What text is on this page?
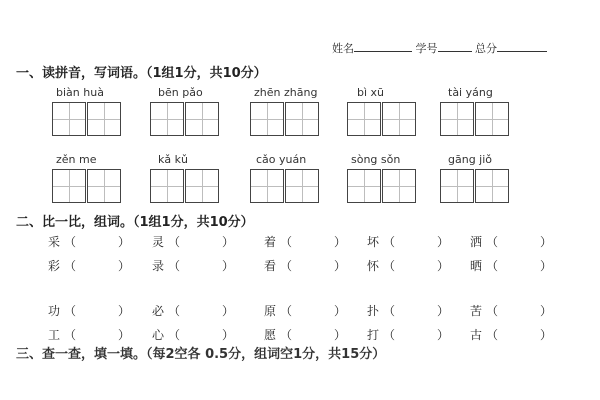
姓名	学号	总分
一、读拼音，写词语。（1组1分，共10分）
biàn huà	bēn pǎo	zhēn zhāng	bì xū	tài yáng
zěn me	kǎ kǔ	cǎo yuán	sòng sǒn	gāng jiǒ
二、比一比，组词。（1组1分，共10分）
采 （	） 灵 （	） 着 （	） 坏 （	） 洒 （	）
彩 （	） 录 （	） 看 （	） 怀 （	） 晒 （	）
功 （	） 必 （	） 原 （	） 扑 （	） 苦 （	）
工 （	） 心 （	） 愿 （	） 打 （	） 古 （	）
三、查一查，填一填。（每2空各 0.5分，组词空1分，共15分）
